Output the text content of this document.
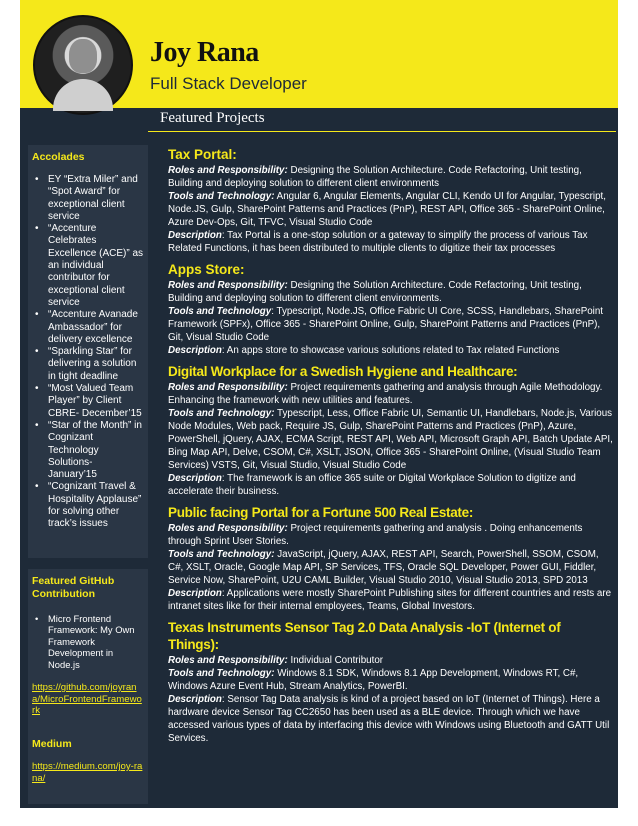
Joy Rana
Full Stack Developer
Featured Projects
Accolades
• EY “Extra Miler” and “Spot Award” for exceptional client service
• “Accenture Celebrates Excellence (ACE)” as an individual contributor for exceptional client service
• “Accenture Avanade Ambassador” for delivery excellence
• “Sparkling Star” for delivering a solution in tight deadline
• “Most Valued Team Player” by Client CBRE- December’15
• “Star of the Month” in Cognizant Technology Solutions- January’15
• “Cognizant Travel & Hospitality Applause” for solving other track’s issues
Featured GitHub Contribution
• Micro Frontend Framework: My Own Framework Development in Node.js
https://github.com/joyrana/MicroFrontendFramework
Medium
https://medium.com/joy-rana/
Tax Portal:

Roles and Responsibility: Designing the Solution Architecture. Code Refactoring, Unit testing, Building and deploying solution to different client environments

Tools and Technology: Angular 6, Angular Elements, Angular CLI, Kendo UI for Angular, Typescript, Node.JS, Gulp, SharePoint Patterns and Practices (PnP), REST API, Office 365 - SharePoint Online, Azure Dev-Ops, Git, TFVC, Visual Studio Code

Description: Tax Portal is a one-stop solution or a gateway to simplify the process of various Tax Related Functions, it has been distributed to multiple clients to digitize their tax processes

Apps Store:

Roles and Responsibility: Designing the Solution Architecture. Code Refactoring, Unit testing, Building and deploying solution to different client environments.

Tools and Technology: Typescript, Node.JS, Office Fabric UI Core, SCSS, Handlebars, SharePoint Framework (SPFx), Office 365 - SharePoint Online, Gulp, SharePoint Patterns and Practices (PnP), Git, Visual Studio Code

Description: An apps store to showcase various solutions related to Tax related Functions

Digital Workplace for a Swedish Hygiene and Healthcare:

Roles and Responsibility: Project requirements gathering and analysis through Agile Methodology. Enhancing the framework with new utilities and features.

Tools and Technology: Typescript, Less, Office Fabric UI, Semantic UI, Handlebars, Node.js, Various Node Modules, Web pack, Require JS, Gulp, SharePoint Patterns and Practices (PnP), Azure, PowerShell, jQuery, AJAX, ECMA Script, REST API, Web API, Microsoft Graph API, Batch Update API, Bing Map API, Delve, CSOM, C#, XSLT, JSON, Office 365 - SharePoint Online, (Visual Studio Team Services) VSTS, Git, Visual Studio, Visual Studio Code

Description: The framework is an office 365 suite or Digital Workplace Solution to digitize and accelerate their business.

Public facing Portal for a Fortune 500 Real Estate:

Roles and Responsibility: Project requirements gathering and analysis . Doing enhancements through Sprint User Stories.

Tools and Technology: JavaScript, jQuery, AJAX, REST API, Search, PowerShell, SSOM, CSOM, C#, XSLT, Oracle, Google Map API, SP Services, TFS, Oracle SQL Developer, Power GUI, Fiddler, Service Now, SharePoint, U2U CAML Builder, Visual Studio 2010, Visual Studio 2013, SPD 2013

Description: Applications were mostly SharePoint Publishing sites for different countries and rests are intranet sites like for their internal employees, Teams, Global Investors.

Texas Instruments Sensor Tag 2.0 Data Analysis -IoT (Internet of Things):

Roles and Responsibility: Individual Contributor

Tools and Technology: Windows 8.1 SDK, Windows 8.1 App Development, Windows RT, C#, Windows Azure Event Hub, Stream Analytics, PowerBI.

Description: Sensor Tag Data analysis is kind of a project based on IoT (Internet of Things). Here a hardware device Sensor Tag CC2650 has been used as a BLE device. Through which we have accessed various types of data by interfacing this device with Windows using Bluetooth and GATT Util Services.
